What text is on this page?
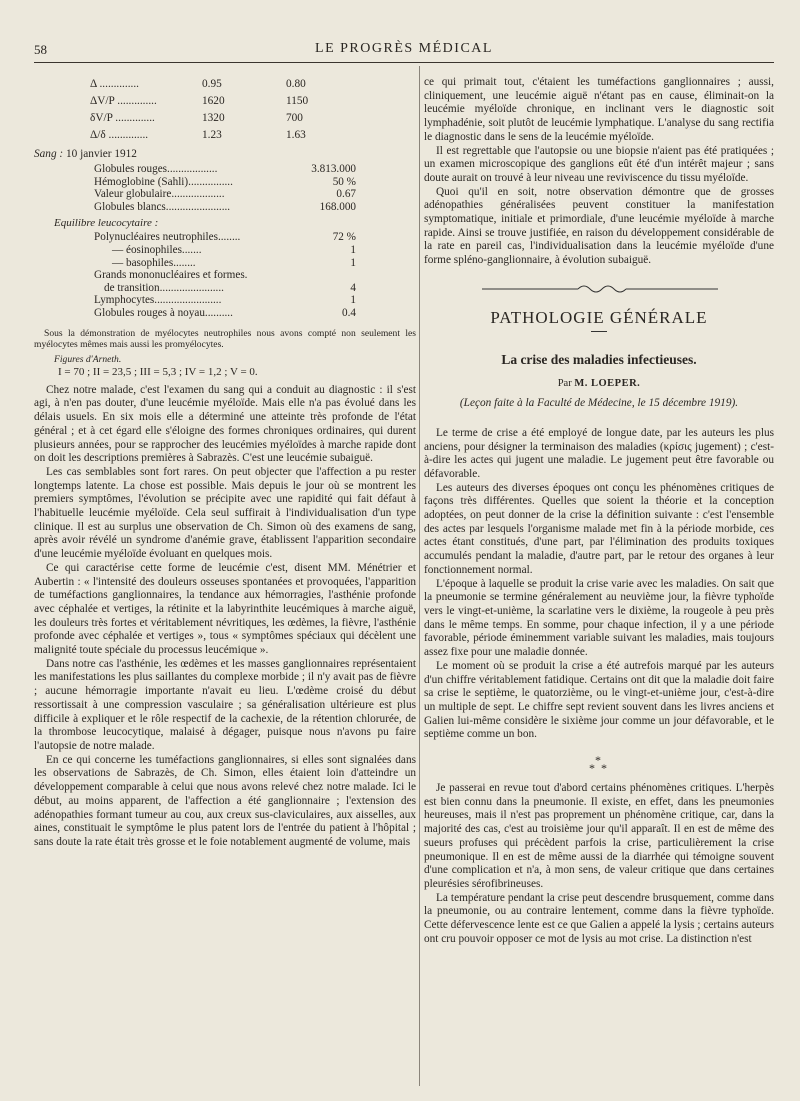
58	LE PROGRÈS MÉDICAL
Δ ..............	0.95	0.80
ΔV/P ..............	1620	1150
δV/P ..............	1320	700
Δ/δ ..............	1.23	1.63
Sang : 10 janvier 1912
Globules rouges..................	3.813.000
Hémoglobine (Sahli)................	50 %
Valeur globulaire...................	0.67
Globules blancs.......................	168.000
Equilibre leucocytaire :
Polynucléaires neutrophiles........	72 %
— éosinophiles.......	1
— basophiles........	1
Grands mononucléaires et formes.
de transition.......................	4
Lymphocytes........................	1
Globules rouges à noyau..........	0.4

Sous la démonstration de myélocytes neutrophiles nous avons compté non seulement les myélocytes mêmes mais aussi les promyélocytes.

Figures d'Arneth.
I = 70 ; II = 23,5 ; III = 5,3 ; IV = 1,2 ; V = 0.

Chez notre malade, c'est l'examen du sang qui a conduit au diagnostic : il s'est agi, à n'en pas douter, d'une leucémie myéloïde. Mais elle n'a pas évolué dans les délais usuels. En six mois elle a déterminé une atteinte très profonde de l'état général ; et à cet égard elle s'éloigne des formes chroniques ordinaires, qui durent plusieurs années, pour se rapprocher des leucémies myéloïdes à marche rapide dont on doit les descriptions premières à Sabrazès. C'est une leucémie subaiguë.

Les cas semblables sont fort rares. On peut objecter que l'affection a pu rester longtemps latente. La chose est possible. Mais depuis le jour où se montrent les premiers symptômes, l'évolution se précipite avec une rapidité qui fait défaut à l'habituelle leucémie myéloïde. Cela seul suffirait à l'individualisation d'un type clinique. Il est au surplus une observation de Ch. Simon où des examens de sang, après avoir révélé un syndrome d'anémie grave, établissent l'apparition secondaire d'une leucémie myéloïde évoluant en quelques mois.

Ce qui caractérise cette forme de leucémie c'est, disent MM. Ménétrier et Aubertin : « l'intensité des douleurs osseuses spontanées et provoquées, l'apparition de tuméfactions ganglionnaires, la tendance aux hémorragies, l'asthénie profonde avec céphalée et vertiges, la rétinite et la labyrinthite leucémiques à marche aiguë, les douleurs très fortes et véritablement névritiques, les œdèmes, la fièvre, l'asthénie profonde avec céphalée et vertiges », tous « symptômes spéciaux qui décèlent une malignité toute spéciale du processus leucémique ».

Dans notre cas l'asthénie, les œdèmes et les masses ganglionnaires représentaient les manifestations les plus saillantes du complexe morbide ; il n'y avait pas de fièvre ; aucune hémorragie importante n'avait eu lieu. L'œdème croisé du début ressortissait à une compression vasculaire ; sa généralisation ultérieure est plus difficile à expliquer et le rôle respectif de la cachexie, de la rétention chlorurée, de la thrombose leucocytique, malaisé à dégager, puisque nous n'avons pu faire l'autopsie de notre malade.

En ce qui concerne les tuméfactions ganglionnaires, si elles sont signalées dans les observations de Sabrazès, de Ch. Simon, elles étaient loin d'atteindre un développement comparable à celui que nous avons relevé chez notre malade. Ici le début, au moins apparent, de l'affection a été ganglionnaire ; l'extension des adénopathies formant tumeur au cou, aux creux sus-claviculaires, aux aisselles, aux aines, constituait le symptôme le plus patent lors de l'entrée du patient à l'hôpital ; sans doute la rate était très grosse et le foie notablement augmenté de volume, mais

ce qui primait tout, c'étaient les tuméfactions ganglionnaires ; aussi, cliniquement, une leucémie aiguë n'étant pas en cause, éliminait-on la leucémie myéloïde chronique, en inclinant vers le diagnostic soit lymphadénie, soit plutôt de leucémie lymphatique. L'analyse du sang rectifia le diagnostic dans le sens de la leucémie myéloïde.

Il est regrettable que l'autopsie ou une biopsie n'aient pas été pratiquées ; un examen microscopique des ganglions eût été d'un intérêt majeur ; sans doute aurait on trouvé à leur niveau une reviviscence du tissu myéloïde.

Quoi qu'il en soit, notre observation démontre que de grosses adénopathies généralisées peuvent constituer la manifestation symptomatique, initiale et primordiale, d'une leucémie myéloïde à marche rapide. Ainsi se trouve justifiée, en raison du développement considérable de la rate en pareil cas, l'individualisation dans la leucémie myéloïde d'une forme spléno-ganglionnaire, à évolution subaiguë.

PATHOLOGIE GÉNÉRALE
La crise des maladies infectieuses.
Par M. LOEPER.
(Leçon faite à la Faculté de Médecine, le 15 décembre 1919).

Le terme de crise a été employé de longue date, par les auteurs les plus anciens, pour désigner la terminaison des maladies (κρίσις jugement) ; c'est-à-dire les actes qui jugent une maladie. Le jugement peut être favorable ou défavorable.

Les auteurs des diverses époques ont conçu les phénomènes critiques de façons très différentes. Quelles que soient la théorie et la conception adoptées, on peut donner de la crise la définition suivante : c'est l'ensemble des actes par lesquels l'organisme malade met fin à la période morbide, ces actes étant constitués, d'une part, par l'élimination des produits toxiques accumulés pendant la maladie, d'autre part, par le retour des organes à leur fonctionnement normal.

L'époque à laquelle se produit la crise varie avec les maladies. On sait que la pneumonie se termine généralement au neuvième jour, la fièvre typhoïde vers le vingt-et-unième, la scarlatine vers le dixième, la rougeole à peu près dans le même temps. En somme, pour chaque infection, il y a une période favorable, période éminemment variable suivant les maladies, mais toujours assez fixe pour une maladie donnée.

Le moment où se produit la crise a été autrefois marqué par les auteurs d'un chiffre véritablement fatidique. Certains ont dit que la maladie doit faire sa crise le septième, le quatorzième, ou le vingt-et-unième jour, c'est-à-dire un multiple de sept. Le chiffre sept revient souvent dans les livres anciens et Galien lui-même considère le sixième jour comme un jour défavorable, et le septième comme un bon.

*
* *

Je passerai en revue tout d'abord certains phénomènes critiques. L'herpès est bien connu dans la pneumonie. Il existe, en effet, dans les pneumonies heureuses, mais il n'est pas proprement un phénomène critique, car, dans la majorité des cas, c'est au troisième jour qu'il apparaît. Il en est de même des sueurs profuses qui précèdent parfois la crise, particulièrement la crise pneumonique. Il en est de même aussi de la diarrhée qui témoigne souvent d'une complication et n'a, à mon sens, de valeur critique que dans certaines pleurésies sérofibrineuses.

La température pendant la crise peut descendre brusquement, comme dans la pneumonie, ou au contraire lentement, comme dans la fièvre typhoïde. Cette défervescence lente est ce que Galien a appelé la lysis ; certains auteurs ont cru pouvoir opposer ce mot de lysis au mot crise. La distinction n'est
